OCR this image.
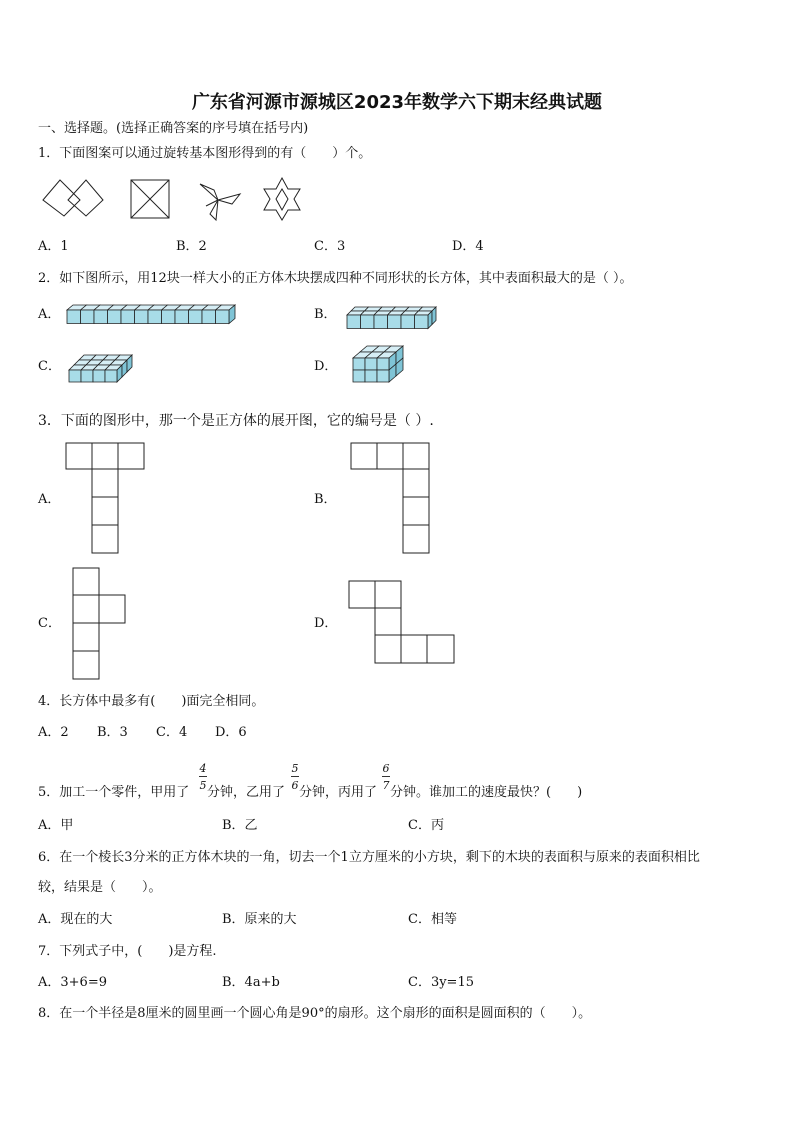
广东省河源市源城区2023年数学六下期末经典试题
一、选择题。(选择正确答案的序号填在括号内)
1．下面图案可以通过旋转基本图形得到的有（　　）个。
A．1	B．2	C．3	D．4
2．如下图所示，用12块一样大小的正方体木块摆成四种不同形状的长方体，其中表面积最大的是（ ）。
A．	B．
C．	D．
3．下面的图形中，那一个是正方体的展开图，它的编号是（ ）.
A．	B．
C．	D．
4．长方体中最多有(　　)面完全相同。
A．2 B．3 C．4 D．6
5．加工一个零件，甲用了
4
5 分钟，乙用了
5
6 分钟，丙用了
6
7 分钟。谁加工的速度最快？(　　)
A．甲	B．乙	C．丙
6．在一个棱长3分米的正方体木块的一角，切去一个1立方厘米的小方块，剩下的木块的表面积与原来的表面积相比
较，结果是（　　）。
A．现在的大	B．原来的大	C．相等
7．下列式子中，(　　)是方程.
A．3+6=9	B．4a+b	C．3y=15
8．在一个半径是8厘米的圆里画一个圆心角是90°的扇形。这个扇形的面积是圆面积的（　　）。
